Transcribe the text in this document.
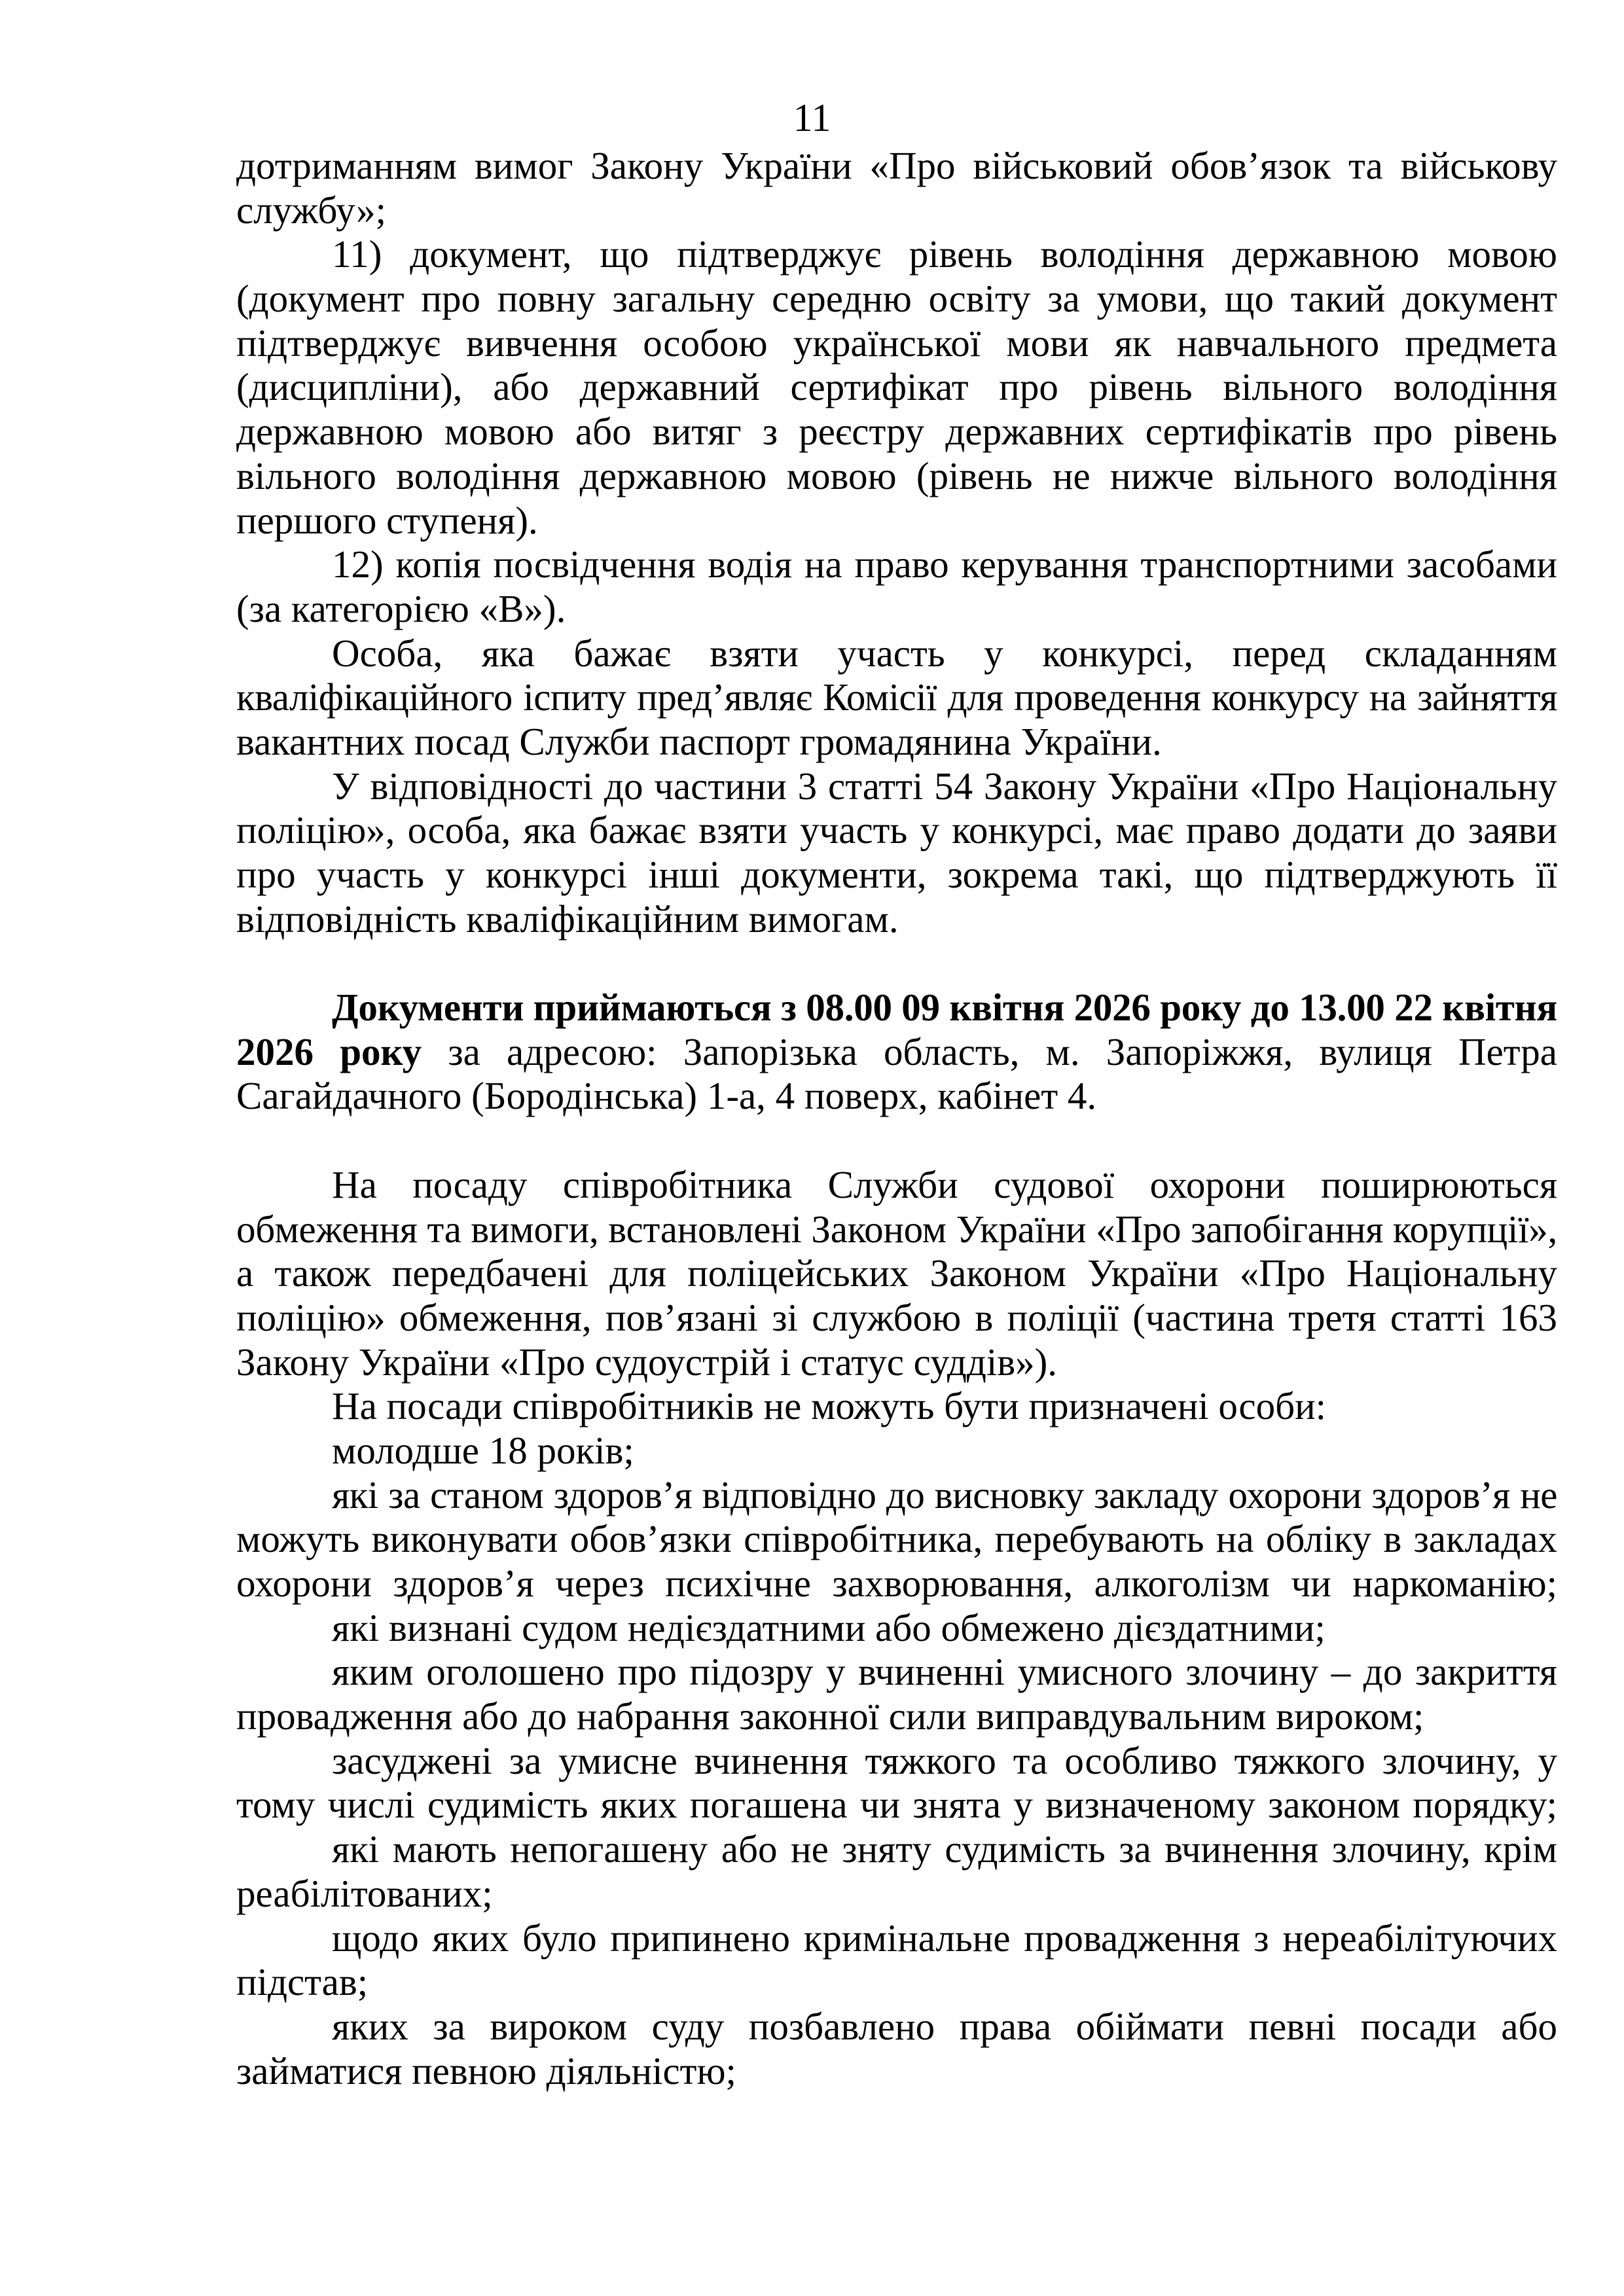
11
дотриманням вимог Закону України «Про військовий обов’язок та військову
службу»;
11) документ, що підтверджує рівень володіння державною мовою
(документ про повну загальну середню освіту за умови, що такий документ
підтверджує вивчення особою української мови як навчального предмета
(дисципліни), або державний сертифікат про рівень вільного володіння
державною мовою або витяг з реєстру державних сертифікатів про рівень
вільного володіння державною мовою (рівень не нижче вільного володіння
першого ступеня).
12) копія посвідчення водія на право керування транспортними засобами
(за категорією «B»).
Особа, яка бажає взяти участь у конкурсі, перед складанням
кваліфікаційного іспиту пред’являє Комісії для проведення конкурсу на зайняття
вакантних посад Служби паспорт громадянина України.
У відповідності до частини 3 статті 54 Закону України «Про Національну
поліцію», особа, яка бажає взяти участь у конкурсі, має право додати до заяви
про участь у конкурсі інші документи, зокрема такі, що підтверджують її
відповідність кваліфікаційним вимогам.
Документи приймаються з 08.00 09 квітня 2026 року до 13.00 22 квітня
2026 року за адресою: Запорізька область, м. Запоріжжя, вулиця Петра
Сагайдачного (Бородінська) 1-а, 4 поверх, кабінет 4.
На посаду співробітника Служби судової охорони поширюються
обмеження та вимоги, встановлені Законом України «Про запобігання корупції»,
а також передбачені для поліцейських Законом України «Про Національну
поліцію» обмеження, пов’язані зі службою в поліції (частина третя статті 163
Закону України «Про судоустрій і статус суддів»).
На посади співробітників не можуть бути призначені особи:
молодше 18 років;
які за станом здоров’я відповідно до висновку закладу охорони здоров’я не
можуть виконувати обов’язки співробітника, перебувають на обліку в закладах
охорони здоров’я через психічне захворювання, алкоголізм чи наркоманію;
які визнані судом недієздатними або обмежено дієздатними;
яким оголошено про підозру у вчиненні умисного злочину – до закриття
провадження або до набрання законної сили виправдувальним вироком;
засуджені за умисне вчинення тяжкого та особливо тяжкого злочину, у
тому числі судимість яких погашена чи знята у визначеному законом порядку;
які мають непогашену або не зняту судимість за вчинення злочину, крім
реабілітованих;
щодо яких було припинено кримінальне провадження з нереабілітуючих
підстав;
яких за вироком суду позбавлено права обіймати певні посади або
займатися певною діяльністю;
